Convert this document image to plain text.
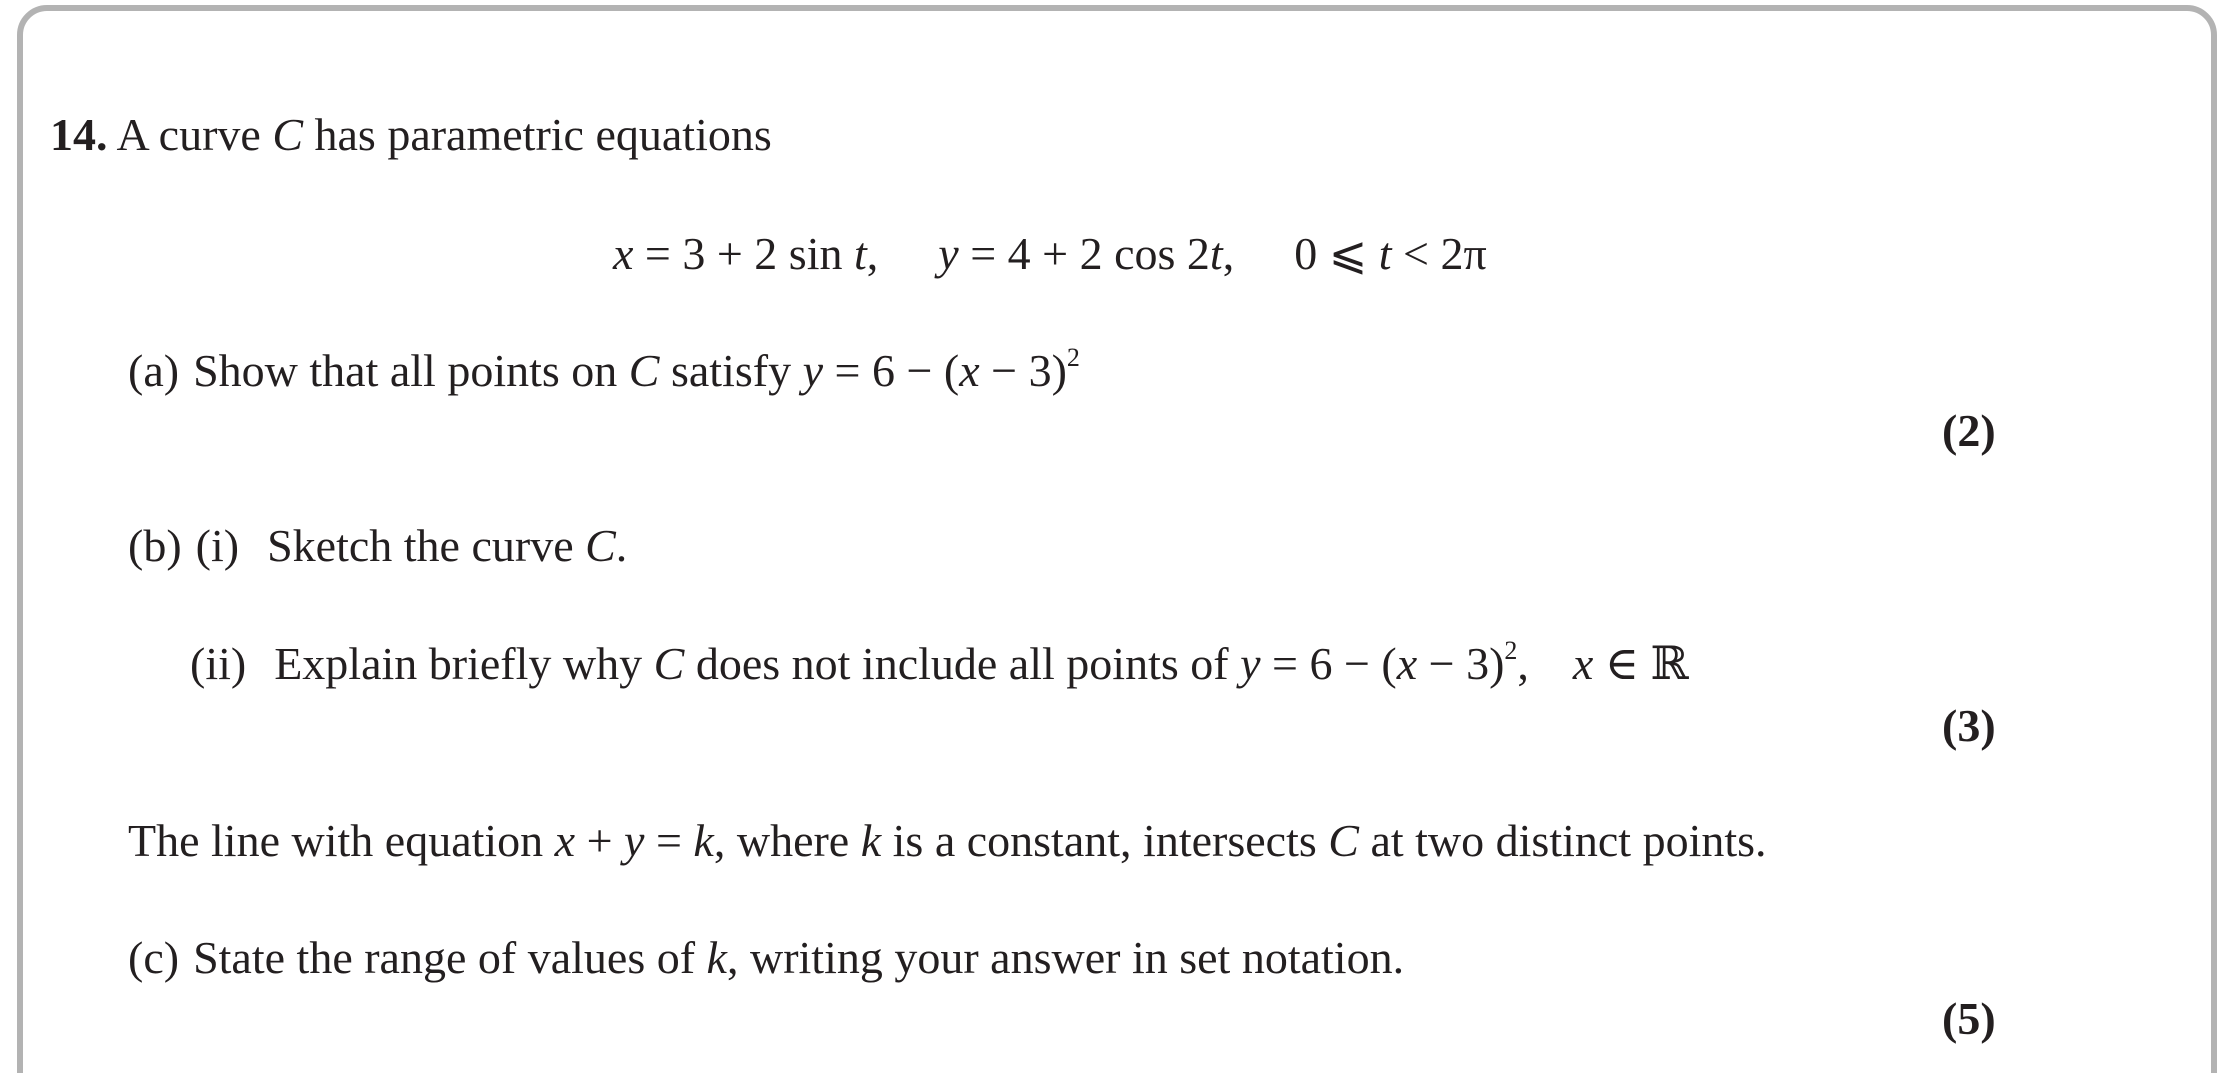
14. A curve C has parametric equations
x = 3 + 2 sin t, y = 4 + 2 cos 2t, 0 ⩽ t < 2π
(a) Show that all points on C satisfy $y = 6 - (x - 3)^2$
(2)
(b) (i) Sketch the curve C.
(ii) Explain briefly why C does not include all points of $y = 6 - (x - 3)^2$, x ∈ ℝ
(3)
The line with equation x + y = k, where k is a constant, intersects C at two distinct points.
(c) State the range of values of k, writing your answer in set notation.
(5)
